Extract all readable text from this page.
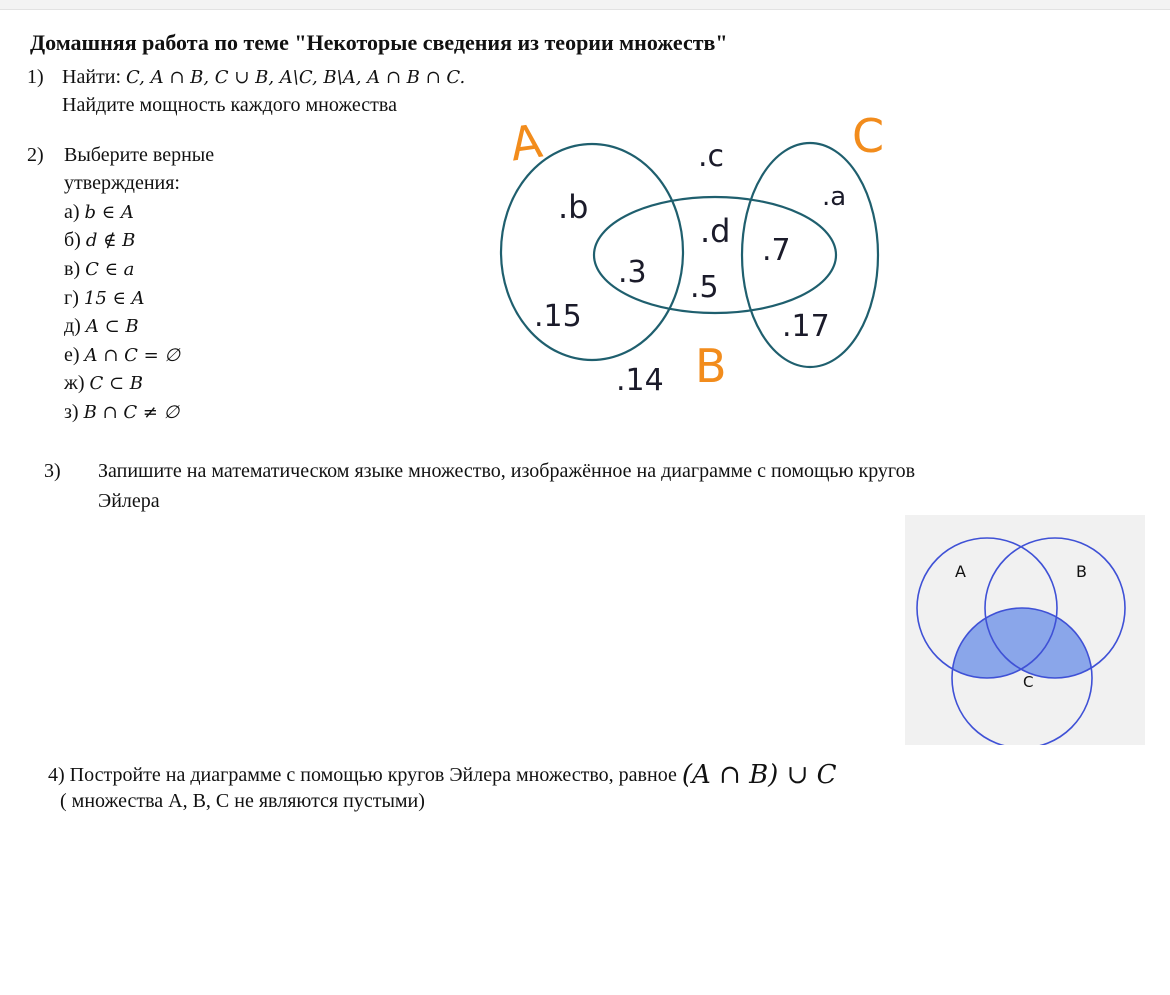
Домашняя работа по теме "Некоторые сведения из теории множеств"
1) Найти: C, A ∩ B, C ∪ B, A\C, B\A, A ∩ B ∩ C.
Найдите мощность каждого множества
2) Выберите верные
утверждения:
а) b ∈ A
б) d ∉ B
в) C ∈ a
г) 15 ∈ A
д) A ⊂ B
е) A ∩ C = ∅
ж) C ⊂ B
з) B ∩ C ≠ ∅
A	C
B
.c
.b
.d
.a
.3
.7
.5
.15	.17
.14
3) Запишите на математическом языке множество, изображённое на диаграмме с помощью кругов
Эйлера
A	B
C
4) Постройте на диаграмме с помощью кругов Эйлера множество, равное (A ∩ B) ∪ C
( множества А, В, С не являются пустыми)
